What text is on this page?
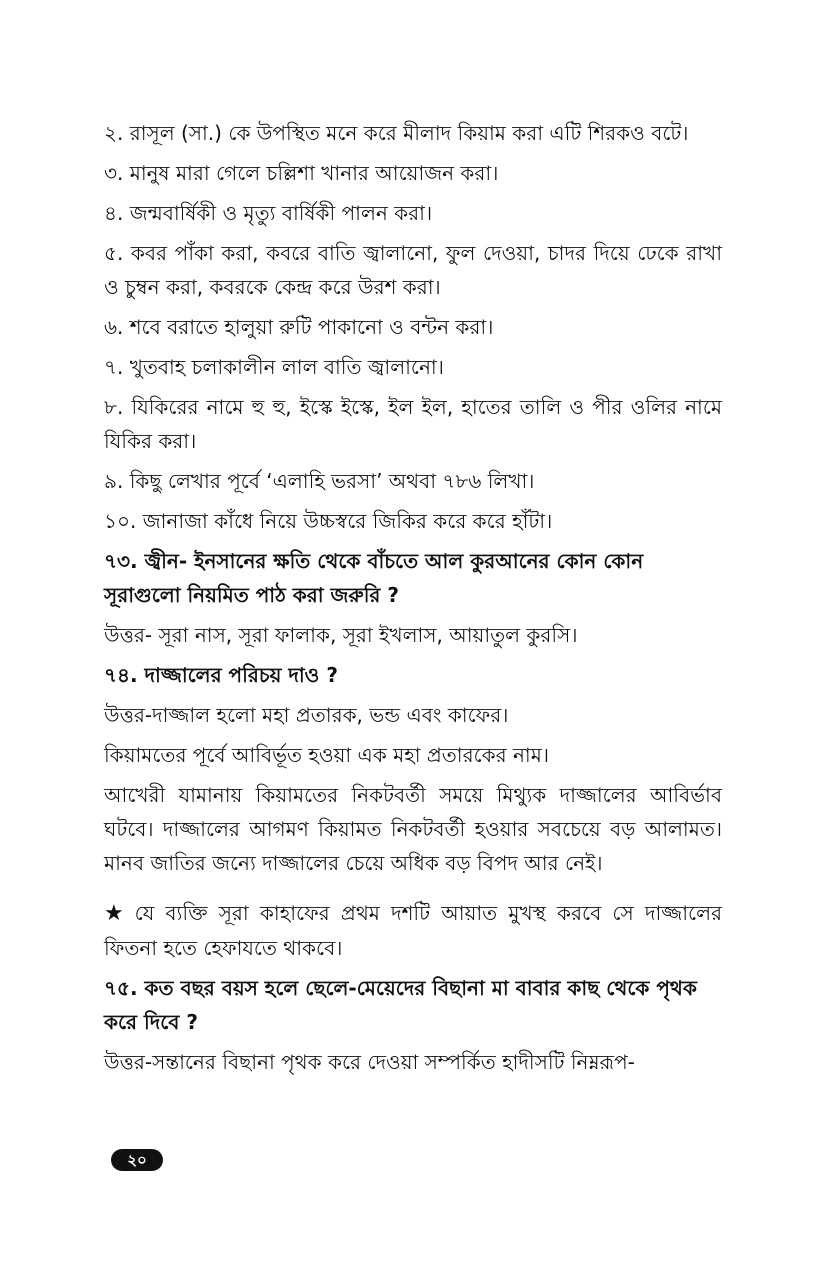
২. রাসূল (সা.) কে উপস্থিত মনে করে মীলাদ কিয়াম করা এটি শিরকও বটে।

৩. মানুষ মারা গেলে চল্লিশা খানার আয়োজন করা।

৪. জন্মবার্ষিকী ও মৃত্যু বার্ষিকী পালন করা।

৫. কবর পাঁকা করা, কবরে বাতি জ্বালানো, ফুল দেওয়া, চাদর দিয়ে ঢেকে রাখা ও চুম্বন করা, কবরকে কেন্দ্র করে উরশ করা।

৬. শবে বরাতে হালুয়া রুটি পাকানো ও বন্টন করা।

৭. খুতবাহ চলাকালীন লাল বাতি জ্বালানো।

৮. যিকিরের নামে হু হু, ইস্কে ইস্কে, ইল ইল, হাতের তালি ও পীর ওলির নামে যিকির করা।

৯. কিছু লেখার পূর্বে ‘এলাহি ভরসা’ অথবা ৭৮৬ লিখা।

১০. জানাজা কাঁধে নিয়ে উচ্চস্বরে জিকির করে করে হাঁটা।

৭৩. জ্বীন- ইনসানের ক্ষতি থেকে বাঁচতে আল কুরআনের কোন কোন সূরাগুলো নিয়মিত পাঠ করা জরুরি ?

উত্তর- সূরা নাস, সূরা ফালাক, সূরা ইখলাস, আয়াতুল কুরসি।

৭৪. দাজ্জালের পরিচয় দাও ?

উত্তর-দাজ্জাল হলো মহা প্রতারক, ভন্ড এবং কাফের।

কিয়ামতের পূর্বে আবির্ভূত হওয়া এক মহা প্রতারকের নাম।

আখেরী যামানায় কিয়ামতের নিকটবর্তী সময়ে মিথ্যুক দাজ্জালের আবির্ভাব ঘটবে। দাজ্জালের আগমণ কিয়ামত নিকটবর্তী হওয়ার সবচেয়ে বড় আলামত। মানব জাতির জন্যে দাজ্জালের চেয়ে অধিক বড় বিপদ আর নেই।

★ যে ব্যক্তি সূরা কাহাফের প্রথম দশটি আয়াত মুখস্থ করবে সে দাজ্জালের ফিতনা হতে হেফাযতে থাকবে।

৭৫. কত বছর বয়স হলে ছেলে-মেয়েদের বিছানা মা বাবার কাছ থেকে পৃথক করে দিবে ?

উত্তর-সন্তানের বিছানা পৃথক করে দেওয়া সম্পর্কিত হাদীসটি নিম্নরূপ-

২০
